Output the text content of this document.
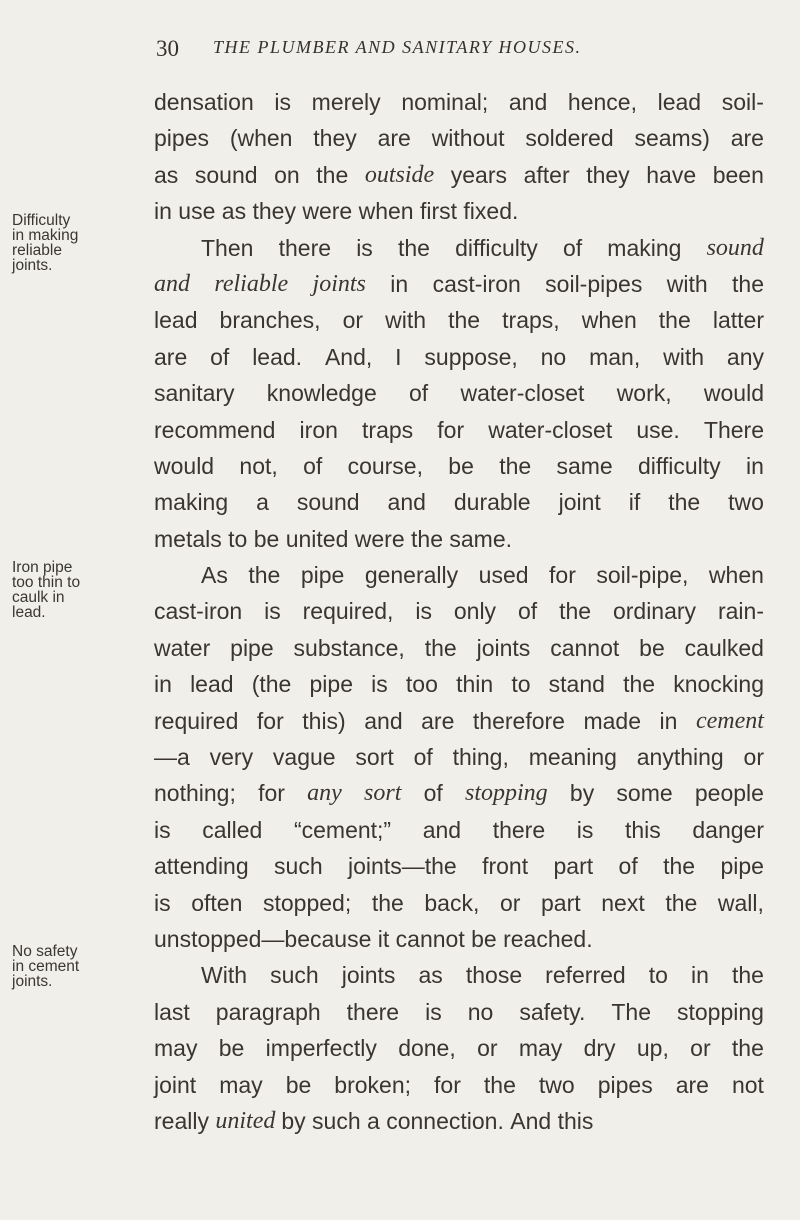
30 THE PLUMBER AND SANITARY HOUSES.
Difficulty
in making
reliable
joints.
Iron pipe
too thin to
caulk in
lead.
No safety
in cement
joints.
densation is merely nominal; and hence, lead soil-
pipes (when they are without soldered seams) are
as sound on the outside years after they have been
in use as they were when first fixed.
Then there is the difficulty of making sound
and reliable joints in cast-iron soil-pipes with the
lead branches, or with the traps, when the latter
are of lead. And, I suppose, no man, with any
sanitary knowledge of water-closet work, would
recommend iron traps for water-closet use. There
would not, of course, be the same difficulty in
making a sound and durable joint if the two
metals to be united were the same.
As the pipe generally used for soil-pipe, when
cast-iron is required, is only of the ordinary rain-
water pipe substance, the joints cannot be caulked
in lead (the pipe is too thin to stand the knocking
required for this) and are therefore made in cement
—a very vague sort of thing, meaning anything or
nothing; for any sort of stopping by some people
is called “cement;” and there is this danger
attending such joints—the front part of the pipe
is often stopped; the back, or part next the wall,
unstopped—because it cannot be reached.
With such joints as those referred to in the
last paragraph there is no safety. The stopping
may be imperfectly done, or may dry up, or the
joint may be broken; for the two pipes are not
really united by such a connection. And this
